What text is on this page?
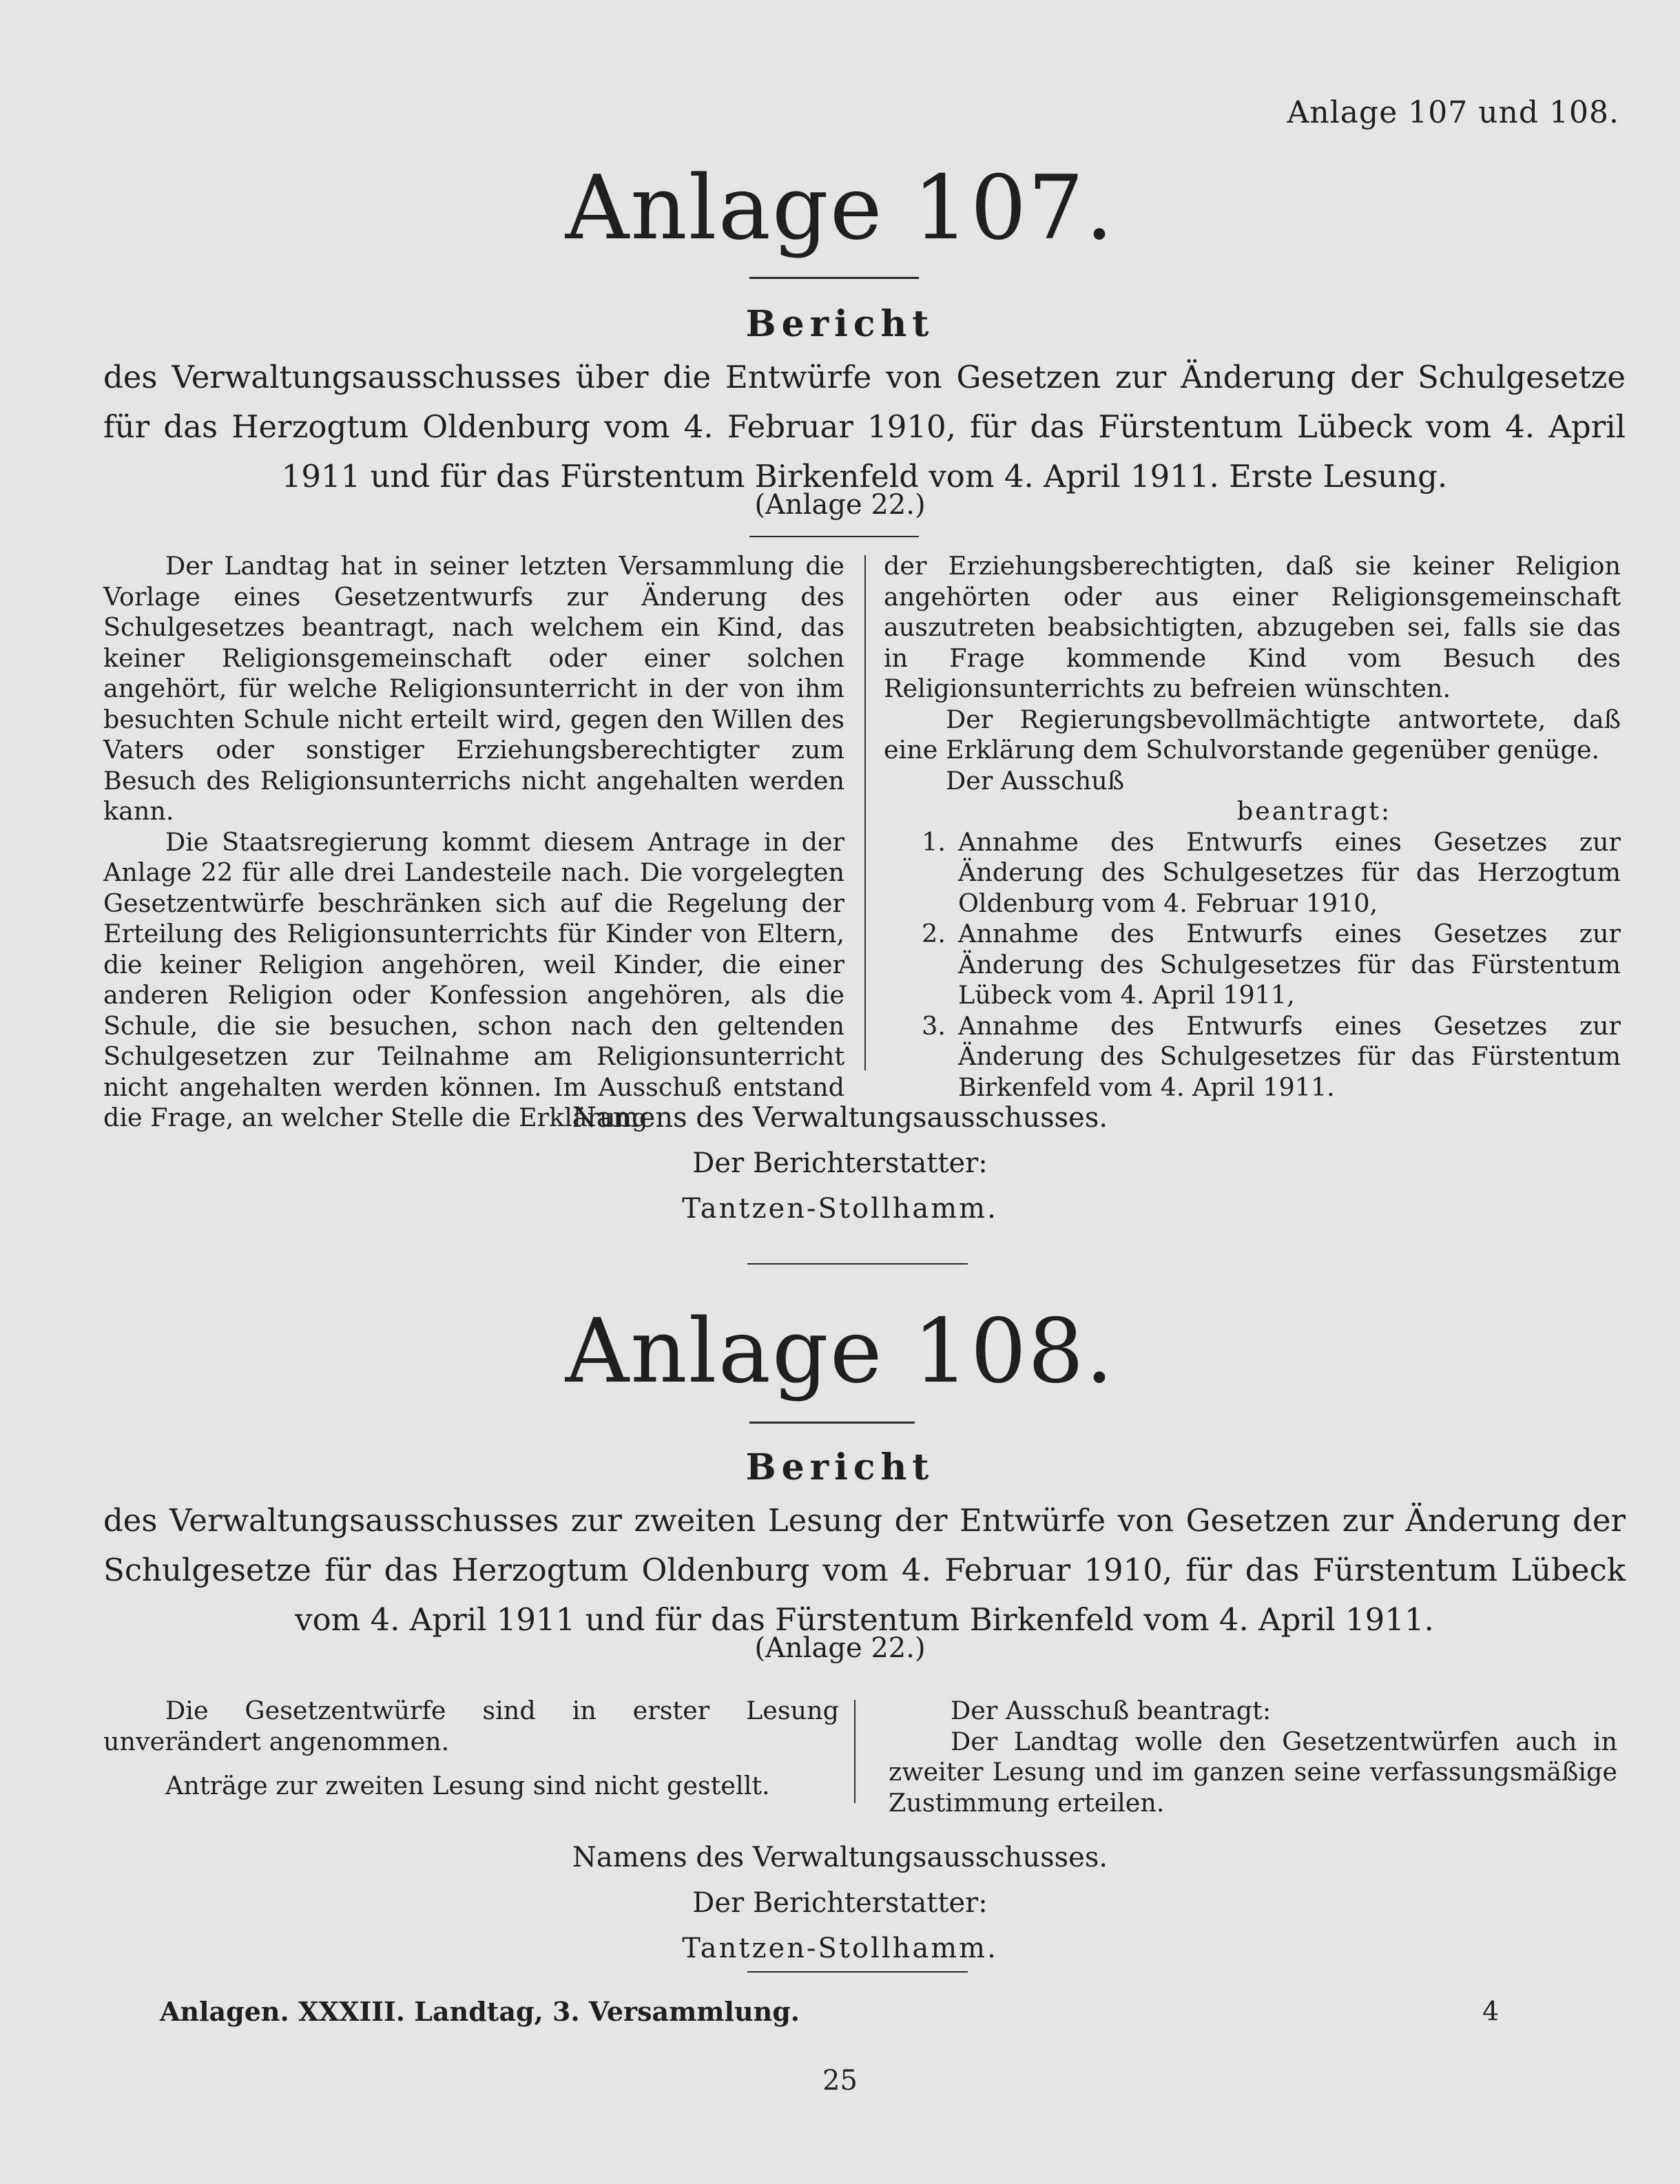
Anlage 107 und 108.
Anlage 107.
Bericht
des Verwaltungsausschusses über die Entwürfe von Gesetzen zur Änderung der Schulgesetze für das Herzogtum Oldenburg vom 4. Februar 1910, für das Fürstentum Lübeck vom 4. April 1911 und für das Fürstentum Birkenfeld vom 4. April 1911. Erste Lesung.
(Anlage 22.)

Der Landtag hat in seiner letzten Versammlung die Vorlage eines Gesetzentwurfs zur Änderung des Schulgesetzes beantragt, nach welchem ein Kind, das keiner Religionsgemeinschaft oder einer solchen angehört, für welche Religionsunterricht in der von ihm besuchten Schule nicht erteilt wird, gegen den Willen des Vaters oder sonstiger Erziehungsberechtigter zum Besuch des Religionsunterrichs nicht angehalten werden kann.

Die Staatsregierung kommt diesem Antrage in der Anlage 22 für alle drei Landesteile nach. Die vorgelegten Gesetzentwürfe beschränken sich auf die Regelung der Erteilung des Religionsunterrichts für Kinder von Eltern, die keiner Religion angehören, weil Kinder, die einer anderen Religion oder Konfession angehören, als die Schule, die sie besuchen, schon nach den geltenden Schulgesetzen zur Teilnahme am Religionsunterricht nicht angehalten werden können. Im Ausschuß entstand die Frage, an welcher Stelle die Erklärung

der Erziehungsberechtigten, daß sie keiner Religion angehörten oder aus einer Religionsgemeinschaft auszutreten beabsichtigten, abzugeben sei, falls sie das in Frage kommende Kind vom Besuch des Religionsunterrichts zu befreien wünschten.

Der Regierungsbevollmächtigte antwortete, daß eine Erklärung dem Schulvorstande gegenüber genüge.

Der Ausschuß

beantragt:
1. Annahme des Entwurfs eines Gesetzes zur Änderung des Schulgesetzes für das Herzogtum Oldenburg vom 4. Februar 1910,
2. Annahme des Entwurfs eines Gesetzes zur Änderung des Schulgesetzes für das Fürstentum Lübeck vom 4. April 1911,
3. Annahme des Entwurfs eines Gesetzes zur Änderung des Schulgesetzes für das Fürstentum Birkenfeld vom 4. April 1911.
Namens des Verwaltungsausschusses.
Der Berichterstatter:
Tantzen-Stollhamm.
Anlage 108.
Bericht
des Verwaltungsausschusses zur zweiten Lesung der Entwürfe von Gesetzen zur Änderung der Schulgesetze für das Herzogtum Oldenburg vom 4. Februar 1910, für das Fürstentum Lübeck vom 4. April 1911 und für das Fürstentum Birkenfeld vom 4. April 1911.
(Anlage 22.)

Die Gesetzentwürfe sind in erster Lesung unverändert angenommen.

Anträge zur zweiten Lesung sind nicht gestellt.

Der Ausschuß beantragt:

Der Landtag wolle den Gesetzentwürfen auch in zweiter Lesung und im ganzen seine verfassungsmäßige Zustimmung erteilen.

Namens des Verwaltungsausschusses.
Der Berichterstatter:
Tantzen-Stollhamm.
Anlagen. XXXIII. Landtag, 3. Versammlung.	4
25
